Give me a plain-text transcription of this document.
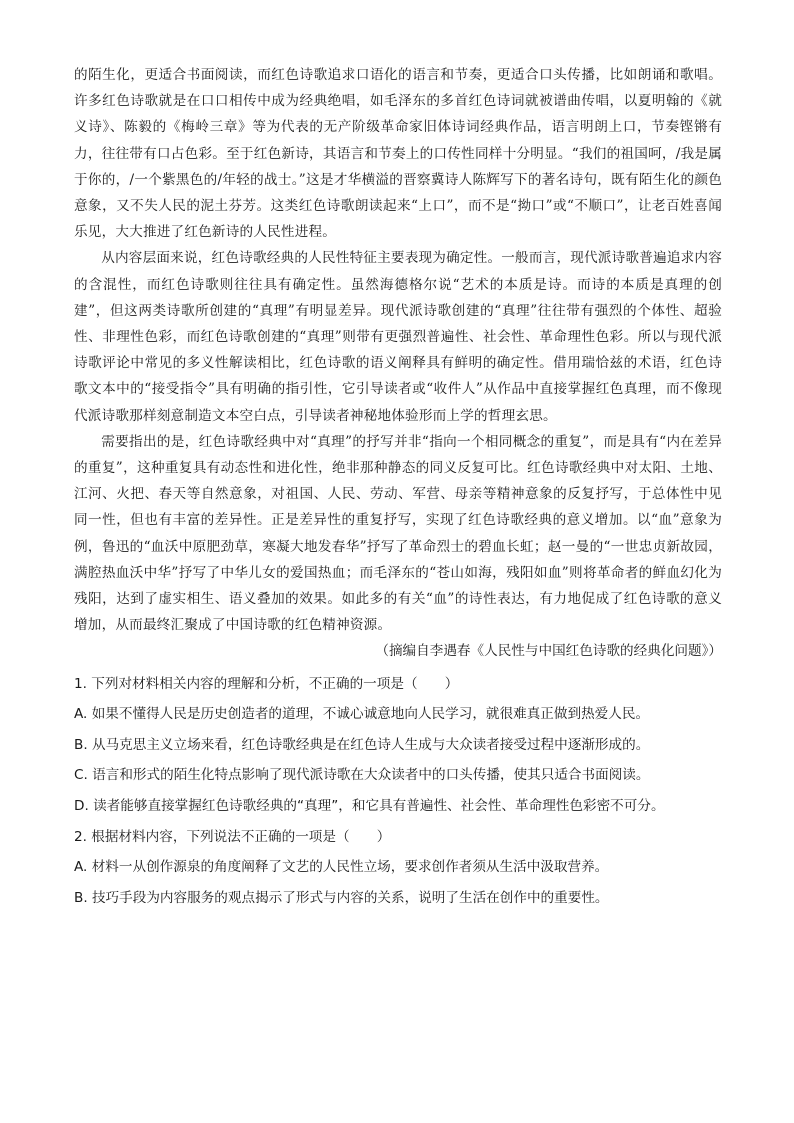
的陌生化，更适合书面阅读，而红色诗歌追求口语化的语言和节奏，更适合口头传播，比如朗诵和歌唱。许多红色诗歌就是在口口相传中成为经典绝唱，如毛泽东的多首红色诗词就被谱曲传唱，以夏明翰的《就义诗》、陈毅的《梅岭三章》等为代表的无产阶级革命家旧体诗词经典作品，语言明朗上口，节奏铿锵有力，往往带有口占色彩。至于红色新诗，其语言和节奏上的口传性同样十分明显。“我们的祖国呵，/我是属于你的，/一个紫黑色的/年轻的战士。”这是才华横溢的晋察冀诗人陈辉写下的著名诗句，既有陌生化的颜色意象，又不失人民的泥土芬芳。这类红色诗歌朗读起来“上口”，而不是“拗口”或“不顺口”，让老百姓喜闻乐见，大大推进了红色新诗的人民性进程。

从内容层面来说，红色诗歌经典的人民性特征主要表现为确定性。一般而言，现代派诗歌普遍追求内容的含混性，而红色诗歌则往往具有确定性。虽然海德格尔说“艺术的本质是诗。而诗的本质是真理的创建”，但这两类诗歌所创建的“真理”有明显差异。现代派诗歌创建的“真理”往往带有强烈的个体性、超验性、非理性色彩，而红色诗歌创建的“真理”则带有更强烈普遍性、社会性、革命理性色彩。所以与现代派诗歌评论中常见的多义性解读相比，红色诗歌的语义阐释具有鲜明的确定性。借用瑞恰兹的术语，红色诗歌文本中的“接受指令”具有明确的指引性，它引导读者或“收件人”从作品中直接掌握红色真理，而不像现代派诗歌那样刻意制造文本空白点，引导读者神秘地体验形而上学的哲理玄思。

需要指出的是，红色诗歌经典中对“真理”的抒写并非“指向一个相同概念的重复”，而是具有“内在差异的重复”，这种重复具有动态性和进化性，绝非那种静态的同义反复可比。红色诗歌经典中对太阳、土地、江河、火把、春天等自然意象，对祖国、人民、劳动、军营、母亲等精神意象的反复抒写，于总体性中见同一性，但也有丰富的差异性。正是差异性的重复抒写，实现了红色诗歌经典的意义增加。以“血”意象为例，鲁迅的“血沃中原肥劲草，寒凝大地发春华”抒写了革命烈士的碧血长虹；赵一曼的“一世忠贞新故园，满腔热血沃中华”抒写了中华儿女的爱国热血；而毛泽东的“苍山如海，残阳如血”则将革命者的鲜血幻化为残阳，达到了虚实相生、语义叠加的效果。如此多的有关“血”的诗性表达，有力地促成了红色诗歌的意义增加，从而最终汇聚成了中国诗歌的红色精神资源。

（摘编自李遇春《人民性与中国红色诗歌的经典化问题》）

1. 下列对材料相关内容的理解和分析，不正确的一项是（　　）

A. 如果不懂得人民是历史创造者的道理，不诚心诚意地向人民学习，就很难真正做到热爱人民。

B. 从马克思主义立场来看，红色诗歌经典是在红色诗人生成与大众读者接受过程中逐渐形成的。

C. 语言和形式的陌生化特点影响了现代派诗歌在大众读者中的口头传播，使其只适合书面阅读。

D. 读者能够直接掌握红色诗歌经典的“真理”，和它具有普遍性、社会性、革命理性色彩密不可分。

2. 根据材料内容，下列说法不正确的一项是（　　）

A. 材料一从创作源泉的角度阐释了文艺的人民性立场，要求创作者须从生活中汲取营养。

B. 技巧手段为内容服务的观点揭示了形式与内容的关系，说明了生活在创作中的重要性。
